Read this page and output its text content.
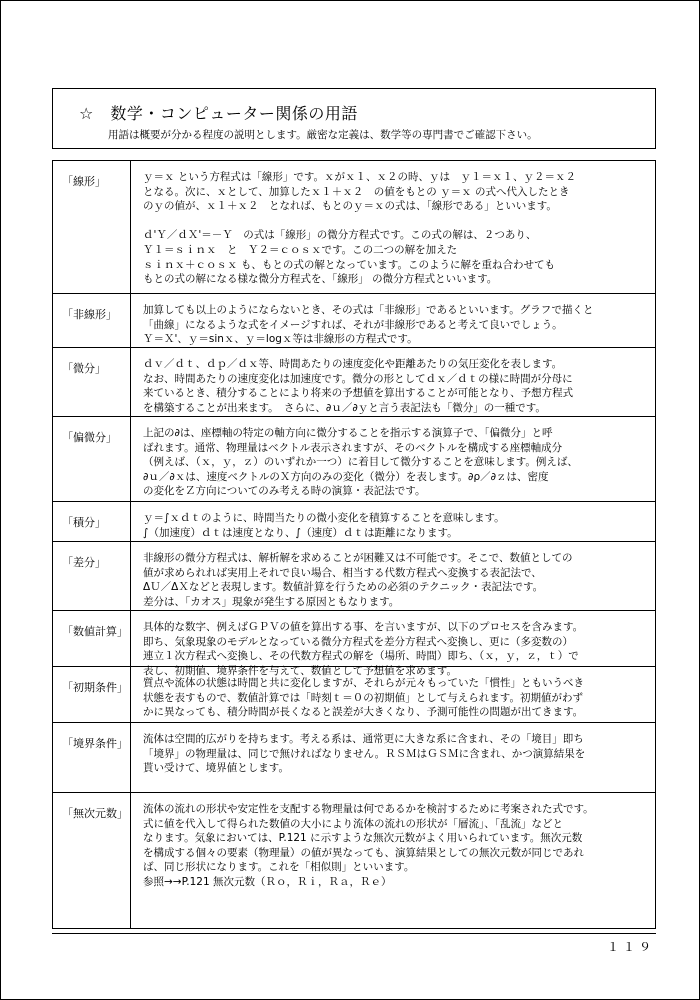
☆　数学・コンピューター関係の用語
用語は概要が分かる程度の説明とします。厳密な定義は、数学等の専門書でご確認下さい。
「線形」	ｙ＝ｘ という方程式は「線形」です。ｘがｘ１、ｘ２の時、ｙは　ｙ１＝ｘ１、ｙ２＝ｘ２
となる。次に、ｘとして、加算したｘ１＋ｘ２　の値をもとの ｙ＝ｘ の式へ代入したとき
のｙの値が、ｘ１＋ｘ２　となれば、もとのｙ＝ｘの式は、「線形である」といいます。
ｄ'Ｙ／ｄＸ'＝－Ｙ　の式は「線形」の微分方程式です。この式の解は、２つあり、
Ｙ１＝ｓｉｎｘ　と　Ｙ２＝ｃｏｓｘです。この二つの解を加えた
ｓｉｎｘ＋ｃｏｓｘ も、もとの式の解となっています。このように解を重ね合わせても
もとの式の解になる様な微分方程式を、「線形」 の微分方程式といいます。
「非線形」	加算しても以上のようにならないとき、その式は「非線形」であるといいます。グラフで描くと
「曲線」になるような式をイメージすれば、それが非線形であると考えて良いでしょう。
Ｙ＝Ｘ'、ｙ＝sinｘ、ｙ＝logｘ等は非線形の方程式です。
「微分」	ｄｖ／ｄｔ、ｄｐ／ｄｘ等、時間あたりの速度変化や距離あたりの気圧変化を表します。
なお、時間あたりの速度変化は加速度です。微分の形としてｄｘ／ｄｔの様に時間が分母に
来ているとき、積分することにより将来の予想値を算出することが可能となり、予想方程式
を構築することが出来ます。　さらに、∂ｕ／∂ｙと言う表記法も「微分」の一種です。
「偏微分」	上記の∂は、座標軸の特定の軸方向に微分することを指示する演算子で、「偏微分」と呼
ばれます。通常、物理量はベクトル表示されますが、そのベクトルを構成する座標軸成分
（例えば、（ｘ，ｙ，ｚ）のいずれか一つ）に着目して微分することを意味します。例えば、
∂ｕ／∂ｘは、速度ベクトルのＸ方向のみの変化（微分）を表します。∂ρ／∂ｚは、密度
の変化をＺ方向についてのみ考える時の演算・表記法です。
「積分」	ｙ＝∫ｘｄｔのように、時間当たりの微小変化を積算することを意味します。
∫（加速度）ｄｔは速度となり、∫（速度）ｄｔは距離になります。
「差分」	非線形の微分方程式は、解析解を求めることが困難又は不可能です。そこで、数値としての
値が求められれば実用上それで良い場合、相当する代数方程式へ変換する表記法で、
ΔＵ／ΔＸなどと表現します。数値計算を行うための必須のテクニック・表記法です。
差分は、「カオス」現象が発生する原因ともなります。
「数値計算」 具体的な数字、例えばＧＰＶの値を算出する事、を言いますが、以下のプロセスを含みます。
即ち、気象現象のモデルとなっている微分方程式を差分方程式へ変換し、更に（多変数の）
連立１次方程式へ変換し、その代数方程式の解を（場所、時間）即ち、（ｘ，ｙ，ｚ，ｔ）で
表し、初期値、境界条件を与えて、数値として予想値を求めます。
「初期条件」 質点や流体の状態は時間と共に変化しますが、それらが元々もっていた「慣性」ともいうべき
状態を表すもので、数値計算では「時刻ｔ＝０の初期値」として与えられます。初期値がわず
かに異なっても、積分時間が長くなると誤差が大きくなり、予測可能性の問題が出てきます。
「境界条件」 流体は空間的広がりを持ちます。考える系は、通常更に大きな系に含まれ、その「境目」即ち
「境界」の物理量は、同じで無ければなりません。ＲＳＭはＧＳＭに含まれ、かつ演算結果を
貰い受けて、境界値とします。
「無次元数」 流体の流れの形状や安定性を支配する物理量は何であるかを検討するために考案された式です。
式に値を代入して得られた数値の大小により流体の流れの形状が「層流」、「乱流」などと
なります。気象においては、P.121 に示すような無次元数がよく用いられています。無次元数
を構成する個々の要素（物理量）の値が異なっても、演算結果としての無次元数が同じであれ
ば、同じ形状になります。これを「相似則」といいます。
参照→→P.121 無次元数（Ｒｏ，Ｒｉ，Ｒａ，Ｒｅ）
１１９
